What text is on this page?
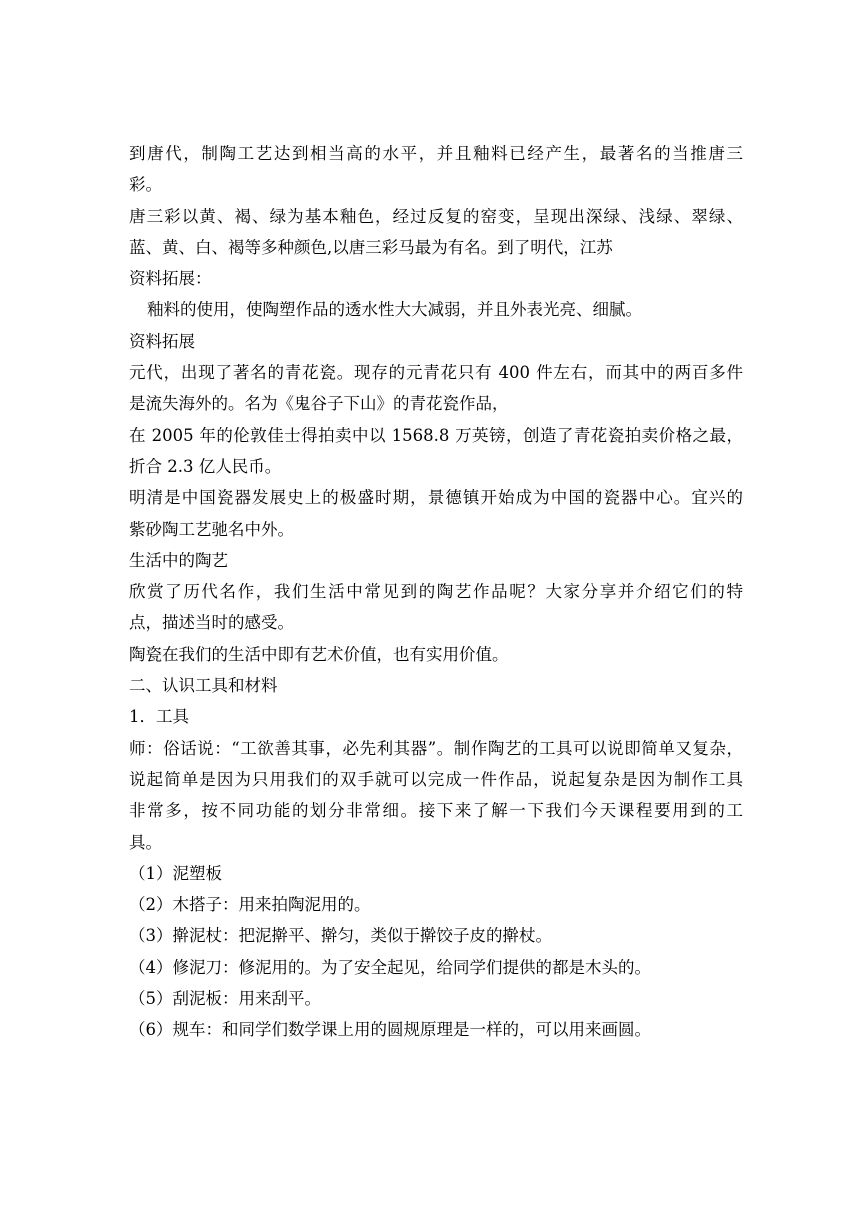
到唐代，制陶工艺达到相当高的水平，并且釉料已经产生，最著名的当推唐三
彩。
唐三彩以黄、褐、绿为基本釉色，经过反复的窑变，呈现出深绿、浅绿、翠绿、
蓝、黄、白、褐等多种颜色,以唐三彩马最为有名。到了明代，江苏
资料拓展：
釉料的使用，使陶塑作品的透水性大大减弱，并且外表光亮、细腻。
资料拓展
元代，出现了著名的青花瓷。现存的元青花只有 400 件左右，而其中的两百多件
是流失海外的。名为《鬼谷子下山》的青花瓷作品，
在 2005 年的伦敦佳士得拍卖中以 1568.8 万英镑，创造了青花瓷拍卖价格之最，
折合 2.3 亿人民币。
明清是中国瓷器发展史上的极盛时期，景德镇开始成为中国的瓷器中心。宜兴的
紫砂陶工艺驰名中外。
生活中的陶艺
欣赏了历代名作，我们生活中常见到的陶艺作品呢？大家分享并介绍它们的特
点，描述当时的感受。
陶瓷在我们的生活中即有艺术价值，也有实用价值。
二、认识工具和材料
1．工具
师：俗话说：“工欲善其事，必先利其器”。制作陶艺的工具可以说即简单又复杂，
说起简单是因为只用我们的双手就可以完成一件作品，说起复杂是因为制作工具
非常多，按不同功能的划分非常细。接下来了解一下我们今天课程要用到的工
具。
（1）泥塑板
（2）木搭子：用来拍陶泥用的。
（3）擀泥杖：把泥擀平、擀匀，类似于擀饺子皮的擀杖。
（4）修泥刀：修泥用的。为了安全起见，给同学们提供的都是木头的。
（5）刮泥板：用来刮平。
（6）规车：和同学们数学课上用的圆规原理是一样的，可以用来画圆。
